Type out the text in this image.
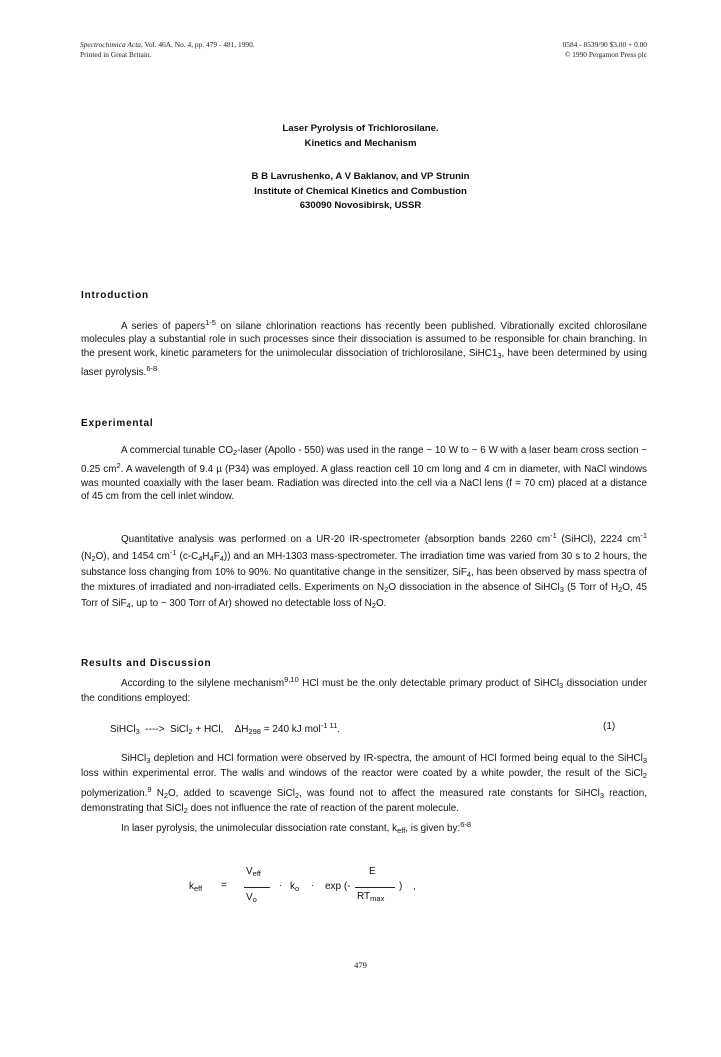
Spectrochimica Acta, Vol. 46A, No. 4, pp. 479 - 481, 1990.
Printed in Great Britain.
0584 - 8539/90 $3.00 + 0.00
© 1990 Pergamon Press plc
Laser Pyrolysis of Trichlorosilane.
Kinetics and Mechanism
B B Lavrushenko, A V Baklanov, and VP Strunin
Institute of Chemical Kinetics and Combustion
630090 Novosibirsk, USSR
Introduction

A series of papers$^{1-5}$ on silane chlorination reactions has recently been published. Vibrationally excited chlorosilane molecules play a substantial role in such processes since their dissociation is assumed to be responsible for chain branching. In the present work, kinetic parameters for the unimolecular dissociation of trichlorosilane, $SiHC1_3$, have been determined by using laser pyrolysis.$^{6-8}$

Experimental

A commercial tunable $CO_2$-laser (Apollo - 550) was used in the range ~ 10 W to ~ 6 W with a laser beam cross section ~ 0.25 $cm^2$. A wavelength of 9.4 µ (P34) was employed. A glass reaction cell 10 cm long and 4 cm in diameter, with NaCl windows was mounted coaxially with the laser beam. Radiation was directed into the cell via a NaCl lens (f = 70 cm) placed at a distance of 45 cm from the cell inlet window.

Quantitative analysis was performed on a UR-20 IR-spectrometer (absorption bands 2260 $cm^{-1}$ (SiHCl), 2224 $cm^{-1}$ $(N_2O)$, and 1454 $cm^{-1}$ $(c-C_4H_4F_4)$) and an MH-1303 mass-spectrometer. The irradiation time was varied from 30 s to 2 hours, the substance loss changing from 10% to 90%. No quantitative change in the sensitizer, SiF$_4$, has been observed by mass spectra of the mixtures of irradiated and non-irradiated cells. Experiments on $N_2O$ dissociation in the absence of SiHCl$_3$ (5 Torr of $H_2O$, 45 Torr of SiF$_4$, up to ~ 300 Torr of Ar) showed no detectable loss of $N_2O$.

Results and Discussion

According to the silylene mechanism$^{9,10}$ HCl must be the only detectable primary product of SiHCl$_3$ dissociation under the conditions employed:

SiHCl$_3$ ----> SiCl$_2$ + HCl, $\Delta H_{298} = 240$ kJ mol$^{-1}$ $^{11}$.	(1)

SiHCl$_3$ depletion and HCl formation were observed by IR-spectra, the amount of HCl formed being equal to the SiHCl$_3$ loss within experimental error. The walls and windows of the reactor were coated by a white powder, the result of the SiCl$_2$ polymerization.$^9$ $N_2O$, added to scavenge SiCl$_2$, was found not to affect the measured rate constants for SiHCl$_3$ reaction, demonstrating that SiCl$_2$ does not influence the rate of reaction of the parent molecule.

In laser pyrolysis, the unimolecular dissociation rate constant, $k_{eff}$, is given by:$^{6-8}$

$k_{eff}$ =
$V_{eff}$
$V_o$
· $k_o \cdot \exp$ (-
E
$RT_{max}$
) ,
479
